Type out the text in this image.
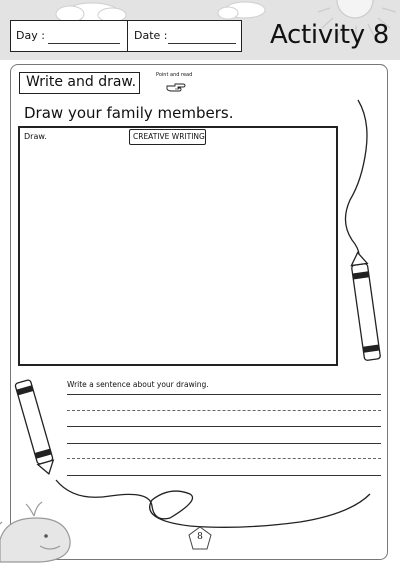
Day :	Date :	Activity 8
Write and draw.	Point and read
Draw your family members.
Draw.	CREATIVE WRITING
Write a sentence about your drawing.
8
